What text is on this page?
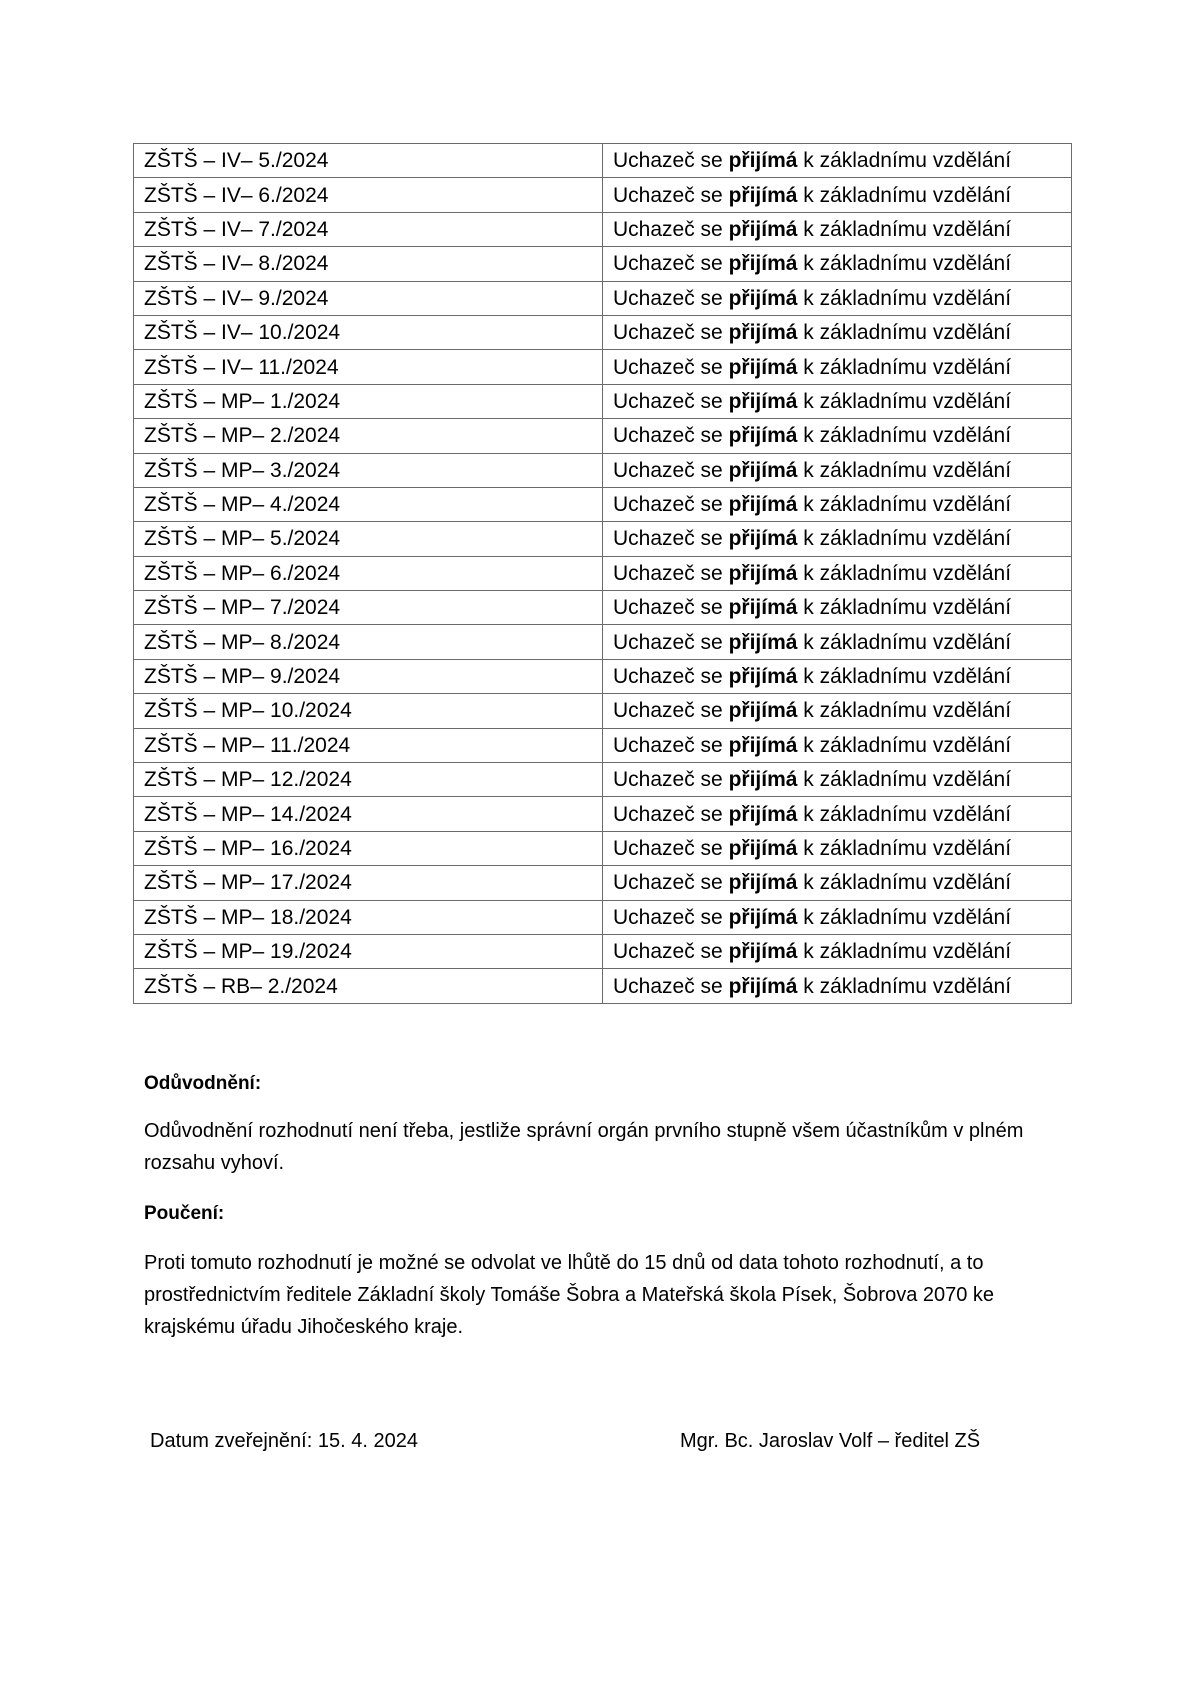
ZŠTŠ – IV– 5./2024	Uchazeč se přijímá k základnímu vzdělání
ZŠTŠ – IV– 6./2024	Uchazeč se přijímá k základnímu vzdělání
ZŠTŠ – IV– 7./2024	Uchazeč se přijímá k základnímu vzdělání
ZŠTŠ – IV– 8./2024	Uchazeč se přijímá k základnímu vzdělání
ZŠTŠ – IV– 9./2024	Uchazeč se přijímá k základnímu vzdělání
ZŠTŠ – IV– 10./2024	Uchazeč se přijímá k základnímu vzdělání
ZŠTŠ – IV– 11./2024	Uchazeč se přijímá k základnímu vzdělání
ZŠTŠ – MP– 1./2024	Uchazeč se přijímá k základnímu vzdělání
ZŠTŠ – MP– 2./2024	Uchazeč se přijímá k základnímu vzdělání
ZŠTŠ – MP– 3./2024	Uchazeč se přijímá k základnímu vzdělání
ZŠTŠ – MP– 4./2024	Uchazeč se přijímá k základnímu vzdělání
ZŠTŠ – MP– 5./2024	Uchazeč se přijímá k základnímu vzdělání
ZŠTŠ – MP– 6./2024	Uchazeč se přijímá k základnímu vzdělání
ZŠTŠ – MP– 7./2024	Uchazeč se přijímá k základnímu vzdělání
ZŠTŠ – MP– 8./2024	Uchazeč se přijímá k základnímu vzdělání
ZŠTŠ – MP– 9./2024	Uchazeč se přijímá k základnímu vzdělání
ZŠTŠ – MP– 10./2024	Uchazeč se přijímá k základnímu vzdělání
ZŠTŠ – MP– 11./2024	Uchazeč se přijímá k základnímu vzdělání
ZŠTŠ – MP– 12./2024	Uchazeč se přijímá k základnímu vzdělání
ZŠTŠ – MP– 14./2024	Uchazeč se přijímá k základnímu vzdělání
ZŠTŠ – MP– 16./2024	Uchazeč se přijímá k základnímu vzdělání
ZŠTŠ – MP– 17./2024	Uchazeč se přijímá k základnímu vzdělání
ZŠTŠ – MP– 18./2024	Uchazeč se přijímá k základnímu vzdělání
ZŠTŠ – MP– 19./2024	Uchazeč se přijímá k základnímu vzdělání
ZŠTŠ – RB– 2./2024	Uchazeč se přijímá k základnímu vzdělání
Odůvodnění:
Odůvodnění rozhodnutí není třeba, jestliže správní orgán prvního stupně všem účastníkům v plném
rozsahu vyhoví.
Poučení:
Proti tomuto rozhodnutí je možné se odvolat ve lhůtě do 15 dnů od data tohoto rozhodnutí, a to
prostřednictvím ředitele Základní školy Tomáše Šobra a Mateřská škola Písek, Šobrova 2070 ke
krajskému úřadu Jihočeského kraje.
Datum zveřejnění: 15. 4. 2024	Mgr. Bc. Jaroslav Volf – ředitel ZŠ
